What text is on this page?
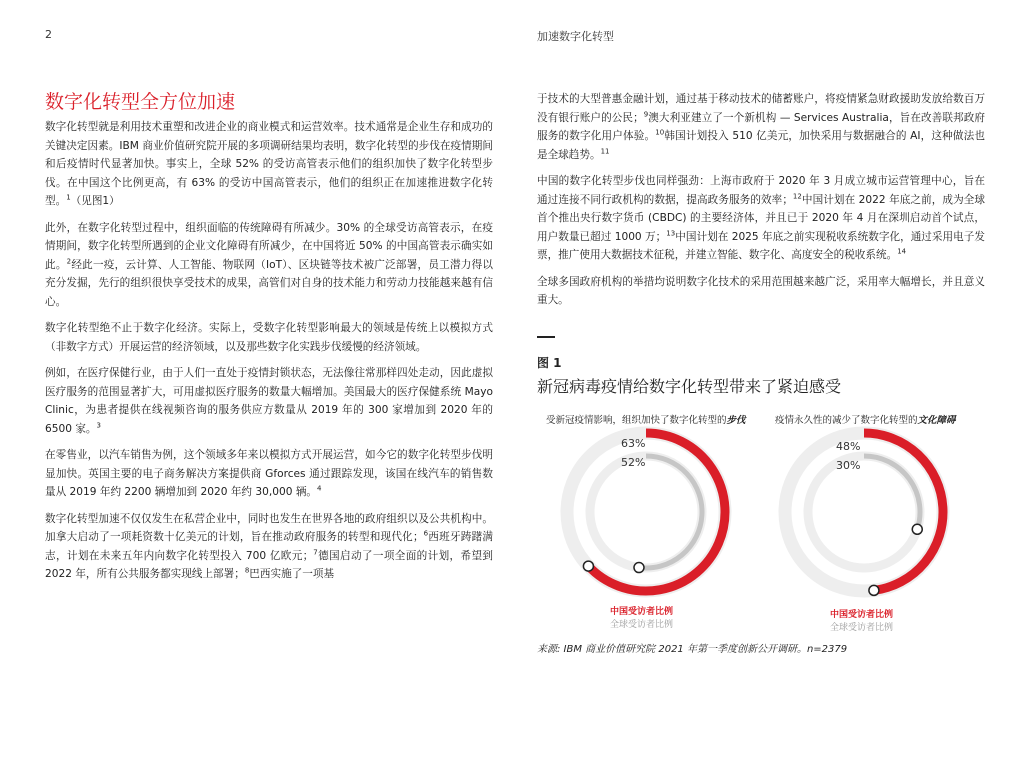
2	加速数字化转型
数字化转型全方位加速

数字化转型就是利用技术重塑和改进企业的商业模式和运营效率。技术通常是企业生存和成功的关键决定因素。IBM 商业价值研究院开展的多项调研结果均表明，数字化转型的步伐在疫情期间和后疫情时代显著加快。事实上，全球 52% 的受访高管表示他们的组织加快了数字化转型步伐。在中国这个比例更高，有 63% 的受访中国高管表示，他们的组织正在加速推进数字化转型。$^1$（见图1）

此外，在数字化转型过程中，组织面临的传统障碍有所减少。30% 的全球受访高管表示，在疫情期间，数字化转型所遇到的企业文化障碍有所减少，在中国将近 50% 的中国高管表示确实如此。$^2$经此一疫，云计算、人工智能、物联网（IoT）、区块链等技术被广泛部署，员工潜力得以充分发掘，先行的组织很快享受技术的成果，高管们对自身的技术能力和劳动力技能越来越有信心。

数字化转型绝不止于数字化经济。实际上，受数字化转型影响最大的领域是传统上以模拟方式（非数字方式）开展运营的经济领域，以及那些数字化实践步伐缓慢的经济领域。

例如，在医疗保健行业，由于人们一直处于疫情封锁状态，无法像往常那样四处走动，因此虚拟医疗服务的范围显著扩大，可用虚拟医疗服务的数量大幅增加。美国最大的医疗保健系统 Mayo Clinic，为患者提供在线视频咨询的服务供应方数量从 2019 年的 300 家增加到 2020 年的 6500 家。$^3$

在零售业，以汽车销售为例，这个领域多年来以模拟方式开展运营，如今它的数字化转型步伐明显加快。英国主要的电子商务解决方案提供商 Gforces 通过跟踪发现，该国在线汽车的销售数量从 2019 年约 2200 辆增加到 2020 年约 30,000 辆。$^4$

数字化转型加速不仅仅发生在私营企业中，同时也发生在世界各地的政府组织以及公共机构中。加拿大启动了一项耗资数十亿美元的计划，旨在推动政府服务的转型和现代化；$^6$西班牙踌躇满志，计划在未来五年内向数字化转型投入 700 亿欧元；$^7$德国启动了一项全面的计划，希望到 2022 年，所有公共服务都实现线上部署；$^8$巴西实施了一项基

于技术的大型普惠金融计划，通过基于移动技术的储蓄账户，将疫情紧急财政援助发放给数百万没有银行账户的公民；$^9$澳大利亚建立了一个新机构 — Services Australia，旨在改善联邦政府服务的数字化用户体验。$^{10}$韩国计划投入 510 亿美元，加快采用与数据融合的 AI，这种做法也是全球趋势。$^{11}$

中国的数字化转型步伐也同样强劲：上海市政府于 2020 年 3 月成立城市运营管理中心，旨在通过连接不同行政机构的数据，提高政务服务的效率；$^{12}$中国计划在 2022 年底之前，成为全球首个推出央行数字货币 (CBDC) 的主要经济体，并且已于 2020 年 4 月在深圳启动首个试点，用户数量已超过 1000 万；$^{13}$中国计划在 2025 年底之前实现税收系统数字化，通过采用电子发票，推广使用大数据技术征税，并建立智能、数字化、高度安全的税收系统。$^{14}$

全球多国政府机构的举措均说明数字化技术的采用范围越来越广泛，采用率大幅增长，并且意义重大。

图 1
新冠病毒疫情给数字化转型带来了紧迫感受
受新冠疫情影响，组织加快了数字化转型的步伐	疫情永久性的减少了数字化转型的文化障碍
63%
52%
48%
30%
中国受访者比例
全球受访者比例
中国受访者比例
全球受访者比例
来源: IBM 商业价值研究院 2021 年第一季度创新公开调研。n=2379
